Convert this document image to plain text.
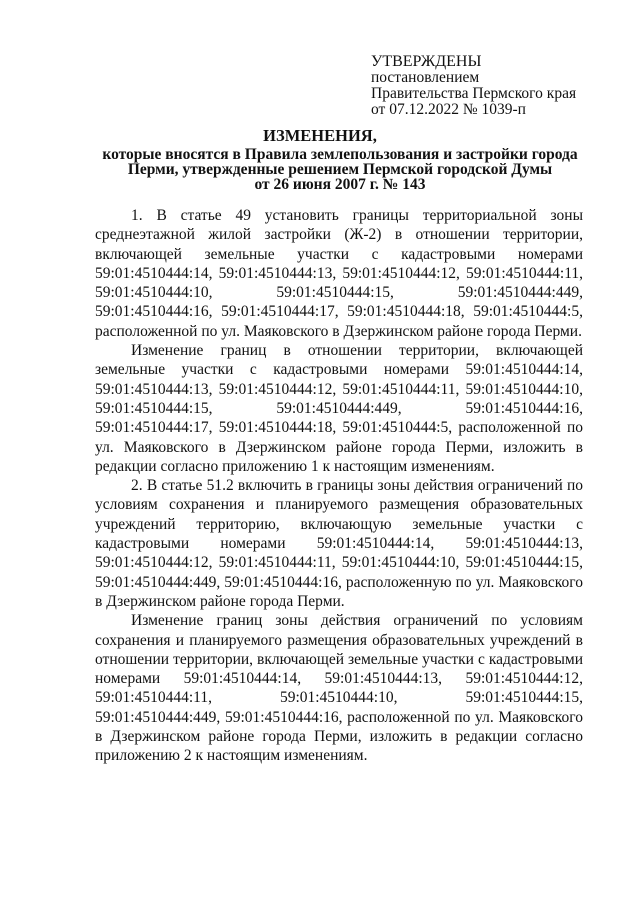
УТВЕРЖДЕНЫ
постановлением
Правительства Пермского края
от 07.12.2022 № 1039-п
ИЗМЕНЕНИЯ,
которые вносятся в Правила землепользования и застройки города
Перми, утвержденные решением Пермской городской Думы
от 26 июня 2007 г. № 143

1. В статье 49 установить границы территориальной зоны среднеэтажной жилой застройки (Ж-2) в отношении территории, включающей земельные участки с кадастровыми номерами 59:01:4510444:14, 59:01:4510444:13, 59:01:4510444:12, 59:01:4510444:11, 59:01:4510444:10, 59:01:4510444:15, 59:01:4510444:449, 59:01:4510444:16, 59:01:4510444:17, 59:01:4510444:18, 59:01:4510444:5, расположенной по ул. Маяковского в Дзержинском районе города Перми.

Изменение границ в отношении территории, включающей земельные участки с кадастровыми номерами 59:01:4510444:14, 59:01:4510444:13, 59:01:4510444:12, 59:01:4510444:11, 59:01:4510444:10, 59:01:4510444:15, 59:01:4510444:449, 59:01:4510444:16, 59:01:4510444:17, 59:01:4510444:18, 59:01:4510444:5, расположенной по ул. Маяковского в Дзержинском районе города Перми, изложить в редакции согласно приложению 1 к настоящим изменениям.

2. В статье 51.2 включить в границы зоны действия ограничений по условиям сохранения и планируемого размещения образовательных учреждений территорию, включающую земельные участки с кадастровыми номерами 59:01:4510444:14, 59:01:4510444:13, 59:01:4510444:12, 59:01:4510444:11, 59:01:4510444:10, 59:01:4510444:15, 59:01:4510444:449, 59:01:4510444:16, расположенную по ул. Маяковского в Дзержинском районе города Перми.

Изменение границ зоны действия ограничений по условиям сохранения и планируемого размещения образовательных учреждений в отношении территории, включающей земельные участки с кадастровыми номерами 59:01:4510444:14, 59:01:4510444:13, 59:01:4510444:12, 59:01:4510444:11, 59:01:4510444:10, 59:01:4510444:15, 59:01:4510444:449, 59:01:4510444:16, расположенной по ул. Маяковского в Дзержинском районе города Перми, изложить в редакции согласно приложению 2 к настоящим изменениям.
